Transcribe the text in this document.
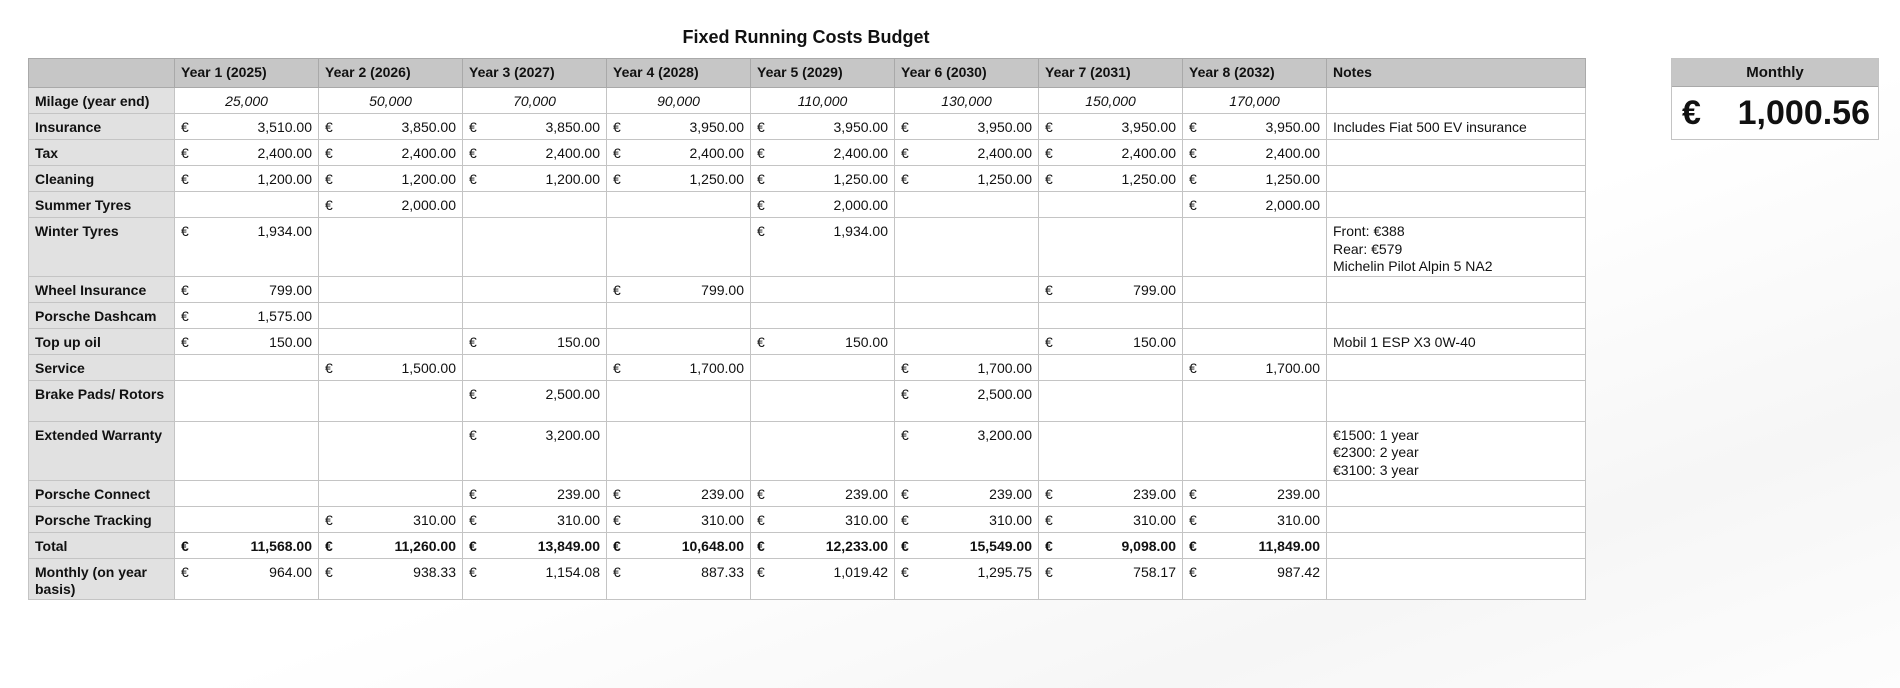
Fixed Running Costs Budget
	Year 1 (2025)	Year 2 (2026)	Year 3 (2027)	Year 4 (2028)	Year 5 (2029)	Year 6 (2030)	Year 7 (2031)	Year 8 (2032)	Notes
Milage (year end)	25,000	50,000	70,000	90,000	110,000	130,000	150,000	170,000	
Insurance	€ 3,510.00	€ 3,850.00	€ 3,850.00	€ 3,950.00	€ 3,950.00	€ 3,950.00	€ 3,950.00	€ 3,950.00	Includes Fiat 500 EV insurance

Tax	€ 2,400.00	€ 2,400.00	€ 2,400.00	€ 2,400.00	€ 2,400.00	€ 2,400.00	€ 2,400.00	€ 2,400.00	

Cleaning	€ 1,200.00	€ 1,200.00	€ 1,200.00	€ 1,250.00	€ 1,250.00	€ 1,250.00	€ 1,250.00	€ 1,250.00	

Summer Tyres		€ 2,000.00			€ 2,000.00			€ 2,000.00	

Winter Tyres	€ 1,934.00				€ 1,934.00				Front: €388
Rear: €579
Michelin Pilot Alpin 5 NA2

Wheel Insurance	€ 799.00			€ 799.00			€ 799.00		

Porsche Dashcam	€ 1,575.00								

Top up oil	€ 150.00		€ 150.00		€ 150.00		€ 150.00		Mobil 1 ESP X3 0W-40

Service		€ 1,500.00		€ 1,700.00		€ 1,700.00		€ 1,700.00	

Brake Pads/ Rotors			€ 2,500.00			€ 2,500.00			

Extended Warranty			€ 3,200.00			€ 3,200.00			€1500: 1 year
€2300: 2 year
€3100: 3 year

Porsche Connect			€ 239.00	€ 239.00	€ 239.00	€ 239.00	€ 239.00	€ 239.00	

Porsche Tracking		€ 310.00	€ 310.00	€ 310.00	€ 310.00	€ 310.00	€ 310.00	€ 310.00	

Total	€ 11,568.00	€ 11,260.00	€ 13,849.00	€ 10,648.00	€ 12,233.00	€ 15,549.00	€ 9,098.00	€ 11,849.00	

Monthly (on year basis)	€ 964.00	€ 938.33	€ 1,154.08	€ 887.33	€ 1,019.42	€ 1,295.75	€ 758.17	€ 987.42	

Monthly
€ 1,000.56
